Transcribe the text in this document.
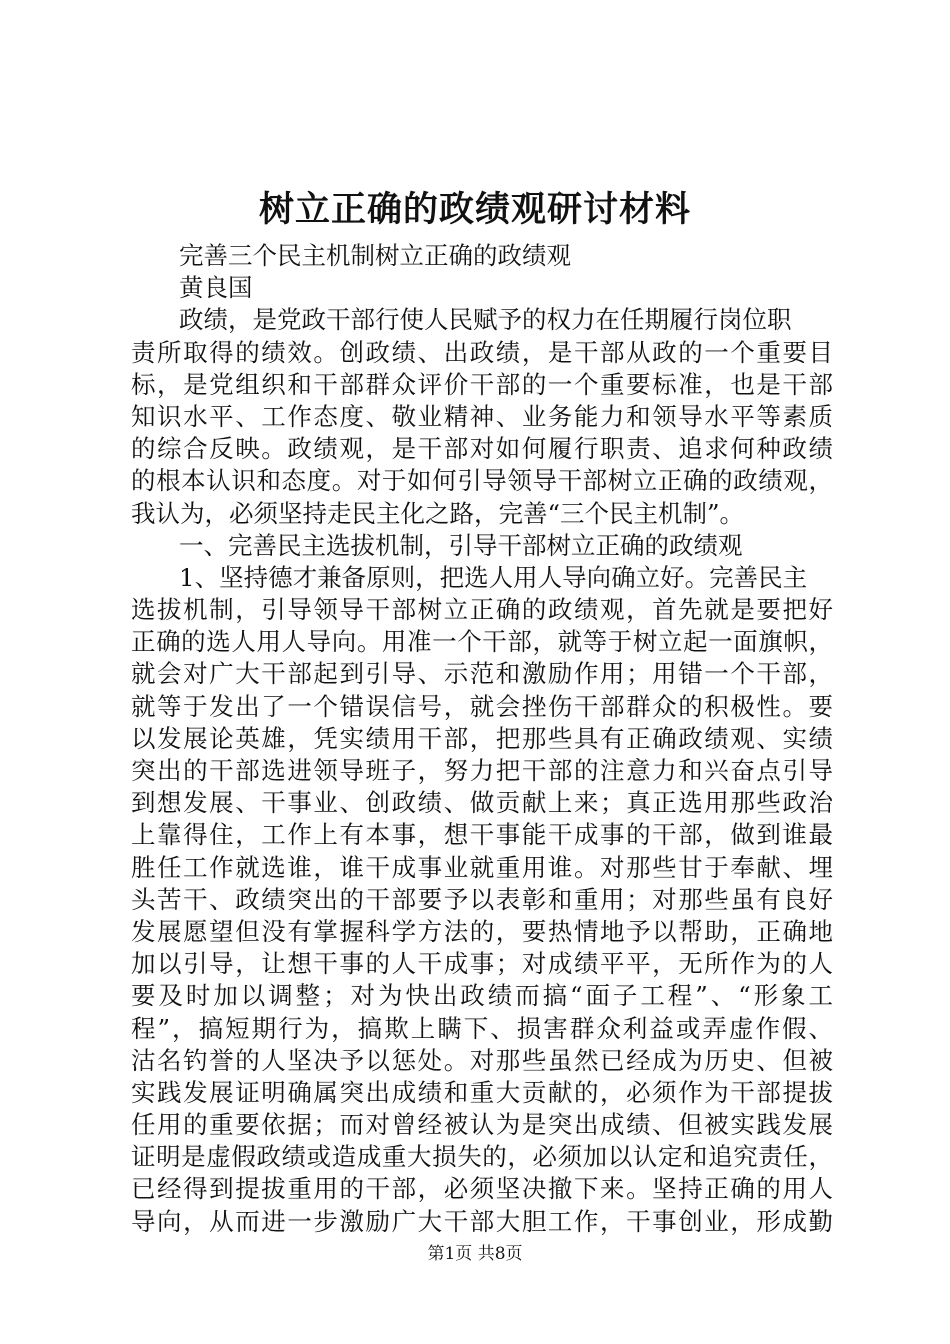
树立正确的政绩观研讨材料
完善三个民主机制树立正确的政绩观
黄良国
政绩，是党政干部行使人民赋予的权力在任期履行岗位职
责所取得的绩效。创政绩、出政绩，是干部从政的一个重要目
标，是党组织和干部群众评价干部的一个重要标准，也是干部
知识水平、工作态度、敬业精神、业务能力和领导水平等素质
的综合反映。政绩观，是干部对如何履行职责、追求何种政绩
的根本认识和态度。对于如何引导领导干部树立正确的政绩观，
我认为，必须坚持走民主化之路，完善“三个民主机制”。
一、完善民主选拔机制，引导干部树立正确的政绩观
1、坚持德才兼备原则，把选人用人导向确立好。完善民主
选拔机制，引导领导干部树立正确的政绩观，首先就是要把好
正确的选人用人导向。用准一个干部，就等于树立起一面旗帜，
就会对广大干部起到引导、示范和激励作用；用错一个干部，
就等于发出了一个错误信号，就会挫伤干部群众的积极性。要
以发展论英雄，凭实绩用干部，把那些具有正确政绩观、实绩
突出的干部选进领导班子，努力把干部的注意力和兴奋点引导
到想发展、干事业、创政绩、做贡献上来；真正选用那些政治
上靠得住，工作上有本事，想干事能干成事的干部，做到谁最
胜任工作就选谁，谁干成事业就重用谁。对那些甘于奉献、埋
头苦干、政绩突出的干部要予以表彰和重用；对那些虽有良好
发展愿望但没有掌握科学方法的，要热情地予以帮助，正确地
加以引导，让想干事的人干成事；对成绩平平，无所作为的人
要及时加以调整；对为快出政绩而搞“面子工程”、“形象工
程”，搞短期行为，搞欺上瞒下、损害群众利益或弄虚作假、
沽名钓誉的人坚决予以惩处。对那些虽然已经成为历史、但被
实践发展证明确属突出成绩和重大贡献的，必须作为干部提拔
任用的重要依据；而对曾经被认为是突出成绩、但被实践发展
证明是虚假政绩或造成重大损失的，必须加以认定和追究责任，
已经得到提拔重用的干部，必须坚决撤下来。坚持正确的用人
导向，从而进一步激励广大干部大胆工作，干事创业，形成勤
第1页 共8页
